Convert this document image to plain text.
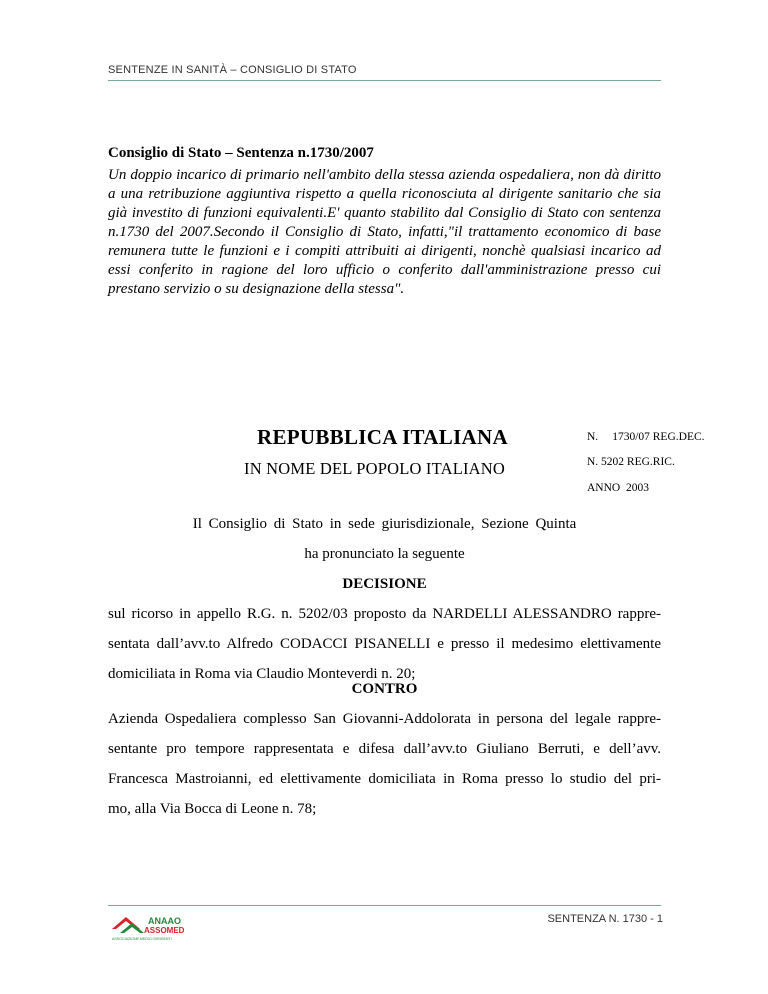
SENTENZE IN SANITÀ – CONSIGLIO DI STATO
Consiglio di Stato – Sentenza n.1730/2007
Un doppio incarico di primario nell'ambito della stessa azienda ospedaliera, non dà diritto a una retribuzione aggiuntiva rispetto a quella riconosciuta al dirigente sanitario che sia già investito di funzioni equivalenti.E' quanto stabilito dal Consiglio di Stato con sentenza n.1730 del 2007.Secondo il Consiglio di Stato, infatti,"il trattamento economico di base remunera tutte le funzioni e i compiti attribuiti ai dirigenti, nonchè qualsiasi incarico ad essi conferito in ragione del loro ufficio o conferito dall'amministrazione presso cui prestano servizio o su designazione della stessa".
REPUBBLICA ITALIANA
IN NOME DEL POPOLO ITALIANO
N. 1730/07 REG.DEC.
N. 5202 REG.RIC.
ANNO  2003
Il Consiglio di Stato in sede giurisdizionale, Sezione Quinta
ha pronunciato la seguente
DECISIONE
sul ricorso in appello R.G. n. 5202/03 proposto da NARDELLI ALESSANDRO rappre-
sentata dall’avv.to Alfredo CODACCI PISANELLI e presso il medesimo elettivamente
domiciliata in Roma via Claudio Monteverdi n. 20;
CONTRO
Azienda Ospedaliera complesso San Giovanni-Addolorata in persona del legale rappre-
sentante pro tempore rappresentata e difesa dall’avv.to Giuliano Berruti, e dell’avv.
Francesca Mastroianni, ed elettivamente domiciliata in Roma presso lo studio del pri-
mo, alla Via Bocca di Leone n. 78;
ANAAO
ASSOMED
ASSOCIAZIONE MEDICI DIRIGENTI
SENTENZA N. 1730 - 1
